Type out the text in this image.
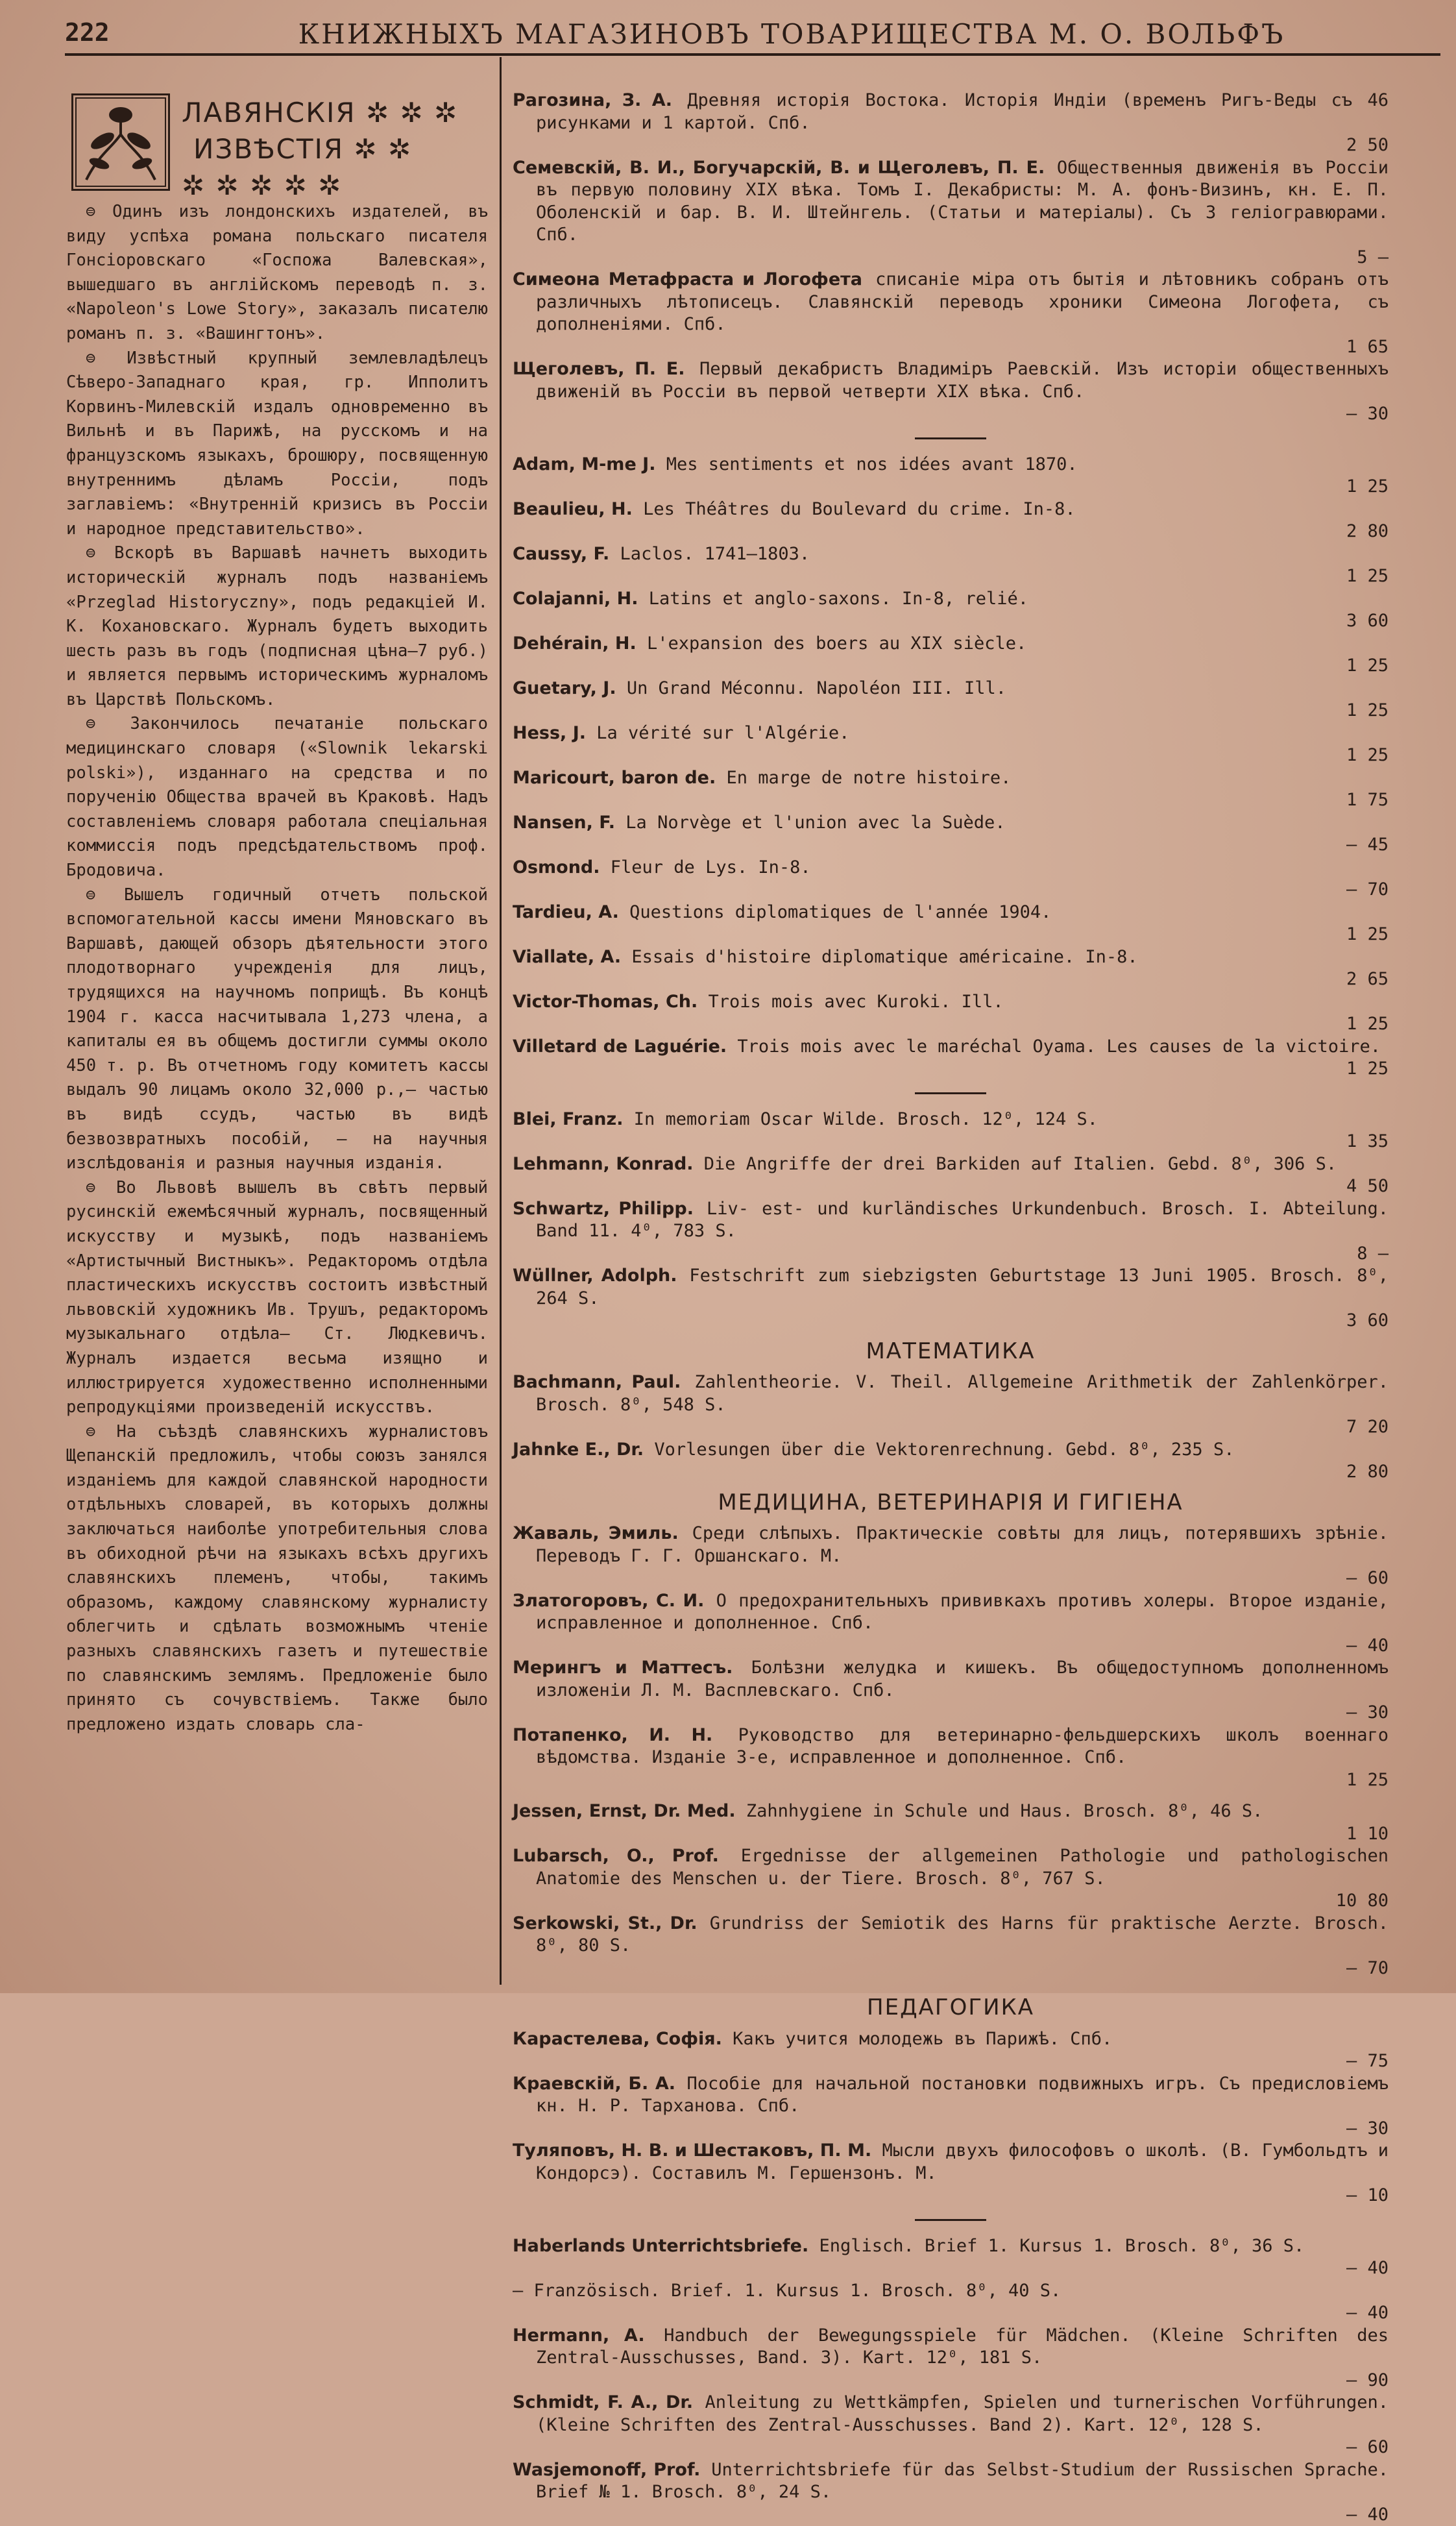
222	КНИЖНЫХЪ МАГАЗИНОВЪ ТОВАРИЩЕСТВА М. О. ВОЛЬФЪ
ЛАВЯНСКІЯ ✲ ✲ ✲
ИЗВѢСТІЯ ✲ ✲
✲ ✲ ✲ ✲ ✲

⊜ Одинъ изъ лондонскихъ издателей, въ виду успѣха романа польскаго писателя Гонсіоровскаго «Госпожа Валевская», вышедшаго въ англійскомъ переводѣ п. з. «Napoleon's Lowe Story», заказалъ писателю романъ п. з. «Вашингтонъ».

⊜ Извѣстный крупный землевладѣлецъ Сѣверо-Западнаго края, гр. Ипполитъ Корвинъ-Милевскій издалъ одновременно въ Вильнѣ и въ Парижѣ, на русскомъ и на французскомъ языкахъ, брошюру, посвященную внутреннимъ дѣламъ Россіи, подъ заглавіемъ: «Внутренній кризисъ въ Россіи и народное представительство».

⊜ Вскорѣ въ Варшавѣ начнетъ выходить историческій журналъ подъ названіемъ «Przeglad Historyczny», подъ редакціей И. К. Кохановскаго. Журналъ будетъ выходить шесть разъ въ годъ (подписная цѣна—7 руб.) и является первымъ историческимъ журналомъ въ Царствѣ Польскомъ.

⊜ Закончилось печатаніе польскаго медицинскаго словаря («Slownik lekarski polski»), изданнаго на средства и по порученію Общества врачей въ Краковѣ. Надъ составленіемъ словаря работала спеціальная коммиссія подъ предсѣдательствомъ проф. Бродовича.

⊜ Вышелъ годичный отчетъ польской вспомогательной кассы имени Мяновскаго въ Варшавѣ, дающей обзоръ дѣятельности этого плодотворнаго учрежденія для лицъ, трудящихся на научномъ поприщѣ. Въ концѣ 1904 г. касса насчитывала 1,273 члена, а капиталы ея въ общемъ достигли суммы около 450 т. р. Въ отчетномъ году комитетъ кассы выдалъ 90 лицамъ около 32,000 р.,— частью въ видѣ ссудъ, частью въ видѣ безвозвратныхъ пособій, — на научныя изслѣдованія и разныя научныя изданія.

⊜ Во Львовѣ вышелъ въ свѣтъ первый русинскій ежемѣсячный журналъ, посвященный искусству и музыкѣ, подъ названіемъ «Артистычный Вистныкъ». Редакторомъ отдѣла пластическихъ искусствъ состоитъ извѣстный львовскій художникъ Ив. Трушъ, редакторомъ музыкальнаго отдѣла— Ст. Людкевичъ. Журналъ издается весьма изящно и иллюстрируется художественно исполненными репродукціями произведеній искусствъ.

⊜ На съѣздѣ славянскихъ журналистовъ Щепанскій предложилъ, чтобы союзъ занялся изданіемъ для каждой славянской народности отдѣльныхъ словарей, въ которыхъ должны заключаться наиболѣе употребительныя слова въ обиходной рѣчи на языкахъ всѣхъ другихъ славянскихъ племенъ, чтобы, такимъ образомъ, каждому славянскому журналисту облегчить и сдѣлать возможнымъ чтеніе разныхъ славянскихъ газетъ и путешествіе по славянскимъ землямъ. Предложеніе было принято съ сочувствіемъ. Также было предложено издать словарь сла-

Рагозина, З. А. Древняя исторія Востока. Исторія Индіи (временъ Ригъ-Веды съ 46 рисунками и 1 картой. Спб.
2 50
Семевскій, В. И., Богучарскій, В. и Щеголевъ, П. Е. Общественныя движенія въ Россіи въ первую половину XIX вѣка. Томъ I. Декабристы: М. А. фонъ-Визинъ, кн. Е. П. Оболенскій и бар. В. И. Штейнгель. (Статьи и матеріалы). Съ 3 геліогравюрами. Спб.
5 —
Симеона Метафраста и Логофета списаніе міра отъ бытія и лѣтовникъ собранъ отъ различныхъ лѣтописецъ. Славянскій переводъ хроники Симеона Логофета, съ дополненіями. Спб.
1 65
Щеголевъ, П. Е. Первый декабристъ Владиміръ Раевскій. Изъ исторіи общественныхъ движеній въ Россіи въ первой четверти XIX вѣка. Спб.
— 30
Adam, M-me J. Mes sentiments et nos idées avant 1870.
1 25
Beaulieu, H. Les Théâtres du Boulevard du crime. In-8.
2 80
Caussy, F. Laclos. 1741—1803.
1 25
Colajanni, H. Latins et anglo-saxons. In-8, relié.
3 60
Dehérain, H. L'expansion des boers au XIX siècle.
1 25
Guetary, J. Un Grand Méconnu. Napoléon III. Ill.
1 25
Hess, J. La vérité sur l'Algérie.
1 25
Maricourt, baron de. En marge de notre histoire.
1 75
Nansen, F. La Norvège et l'union avec la Suède.
— 45
Osmond. Fleur de Lys. In-8.
— 70
Tardieu, A. Questions diplomatiques de l'année 1904.
1 25
Viallate, A. Essais d'histoire diplomatique américaine. In-8.
2 65
Victor-Thomas, Ch. Trois mois avec Kuroki. Ill.
1 25
Villetard de Laguérie. Trois mois avec le maréchal Oyama. Les causes de la victoire.
1 25
Blei, Franz. In memoriam Oscar Wilde. Brosch. 12⁰, 124 S.
1 35
Lehmann, Konrad. Die Angriffe der drei Barkiden auf Italien. Gebd. 8⁰, 306 S.
4 50
Schwartz, Philipp. Liv- est- und kurländisches Urkundenbuch. Brosch. I. Abteilung. Band 11. 4⁰, 783 S.
8 —
Wüllner, Adolph. Festschrift zum siebzigsten Geburtstage 13 Juni 1905. Brosch. 8⁰, 264 S.
3 60
МАТЕМАТИКА
Bachmann, Paul. Zahlentheorie. V. Theil. Allgemeine Arithmetik der Zahlenkörper. Brosch. 8⁰, 548 S.
7 20
Jahnke E., Dr. Vorlesungen über die Vektorenrechnung. Gebd. 8⁰, 235 S.
2 80
МЕДИЦИНА, ВЕТЕРИНАРІЯ И ГИГІЕНА
Жаваль, Эмиль. Среди слѣпыхъ. Практическіе совѣты для лицъ, потерявшихъ зрѣніе. Переводъ Г. Г. Оршанскаго. М.
— 60
Златогоровъ, С. И. О предохранительныхъ прививкахъ противъ холеры. Второе изданіе, исправленное и дополненное. Спб.
— 40
Мерингъ и Маттесъ. Болѣзни желудка и кишекъ. Въ общедоступномъ дополненномъ изложеніи Л. М. Васплевскаго. Спб.
— 30
Потапенко, И. Н. Руководство для ветеринарно-фельдшерскихъ школъ военнаго вѣдомства. Изданіе 3-е, исправленное и дополненное. Спб.
1 25
Jessen, Ernst, Dr. Med. Zahnhygiene in Schule und Haus. Brosch. 8⁰, 46 S.
1 10
Lubarsch, O., Prof. Ergednisse der allgemeinen Pathologie und pathologischen Anatomie des Menschen u. der Tiere. Brosch. 8⁰, 767 S.
10 80
Serkowski, St., Dr. Grundriss der Semiotik des Harns für praktische Aerzte. Brosch. 8⁰, 80 S.
— 70
ПЕДАГОГИКА
Карастелева, Софія. Какъ учится молодежь въ Парижѣ. Спб.
— 75
Краевскій, Б. А. Пособіе для начальной постановки подвижныхъ игръ. Съ предисловіемъ кн. Н. Р. Тарханова. Спб.
— 30
Туляповъ, Н. В. и Шестаковъ, П. М. Мысли двухъ философовъ о школѣ. (В. Гумбольдтъ и Кондорсэ). Составилъ М. Гершензонъ. М.
— 10
Haberlands Unterrichtsbriefe. Englisch. Brief 1. Kursus 1. Brosch. 8⁰, 36 S.
— 40
— Französisch. Brief. 1. Kursus 1. Brosch. 8⁰, 40 S.
— 40
Hermann, A. Handbuch der Bewegungsspiele für Mädchen. (Kleine Schriften des Zentral-Ausschusses, Band. 3). Kart. 12⁰, 181 S.
— 90
Schmidt, F. A., Dr. Anleitung zu Wettkämpfen, Spielen und turnerischen Vorführungen. (Kleine Schriften des Zentral-Ausschusses. Band 2). Kart. 12⁰, 128 S.
— 60
Wasjemonoff, Prof. Unterrichtsbriefe für das Selbst-Studium der Russischen Sprache. Brief № 1. Brosch. 8⁰, 24 S.
— 40
